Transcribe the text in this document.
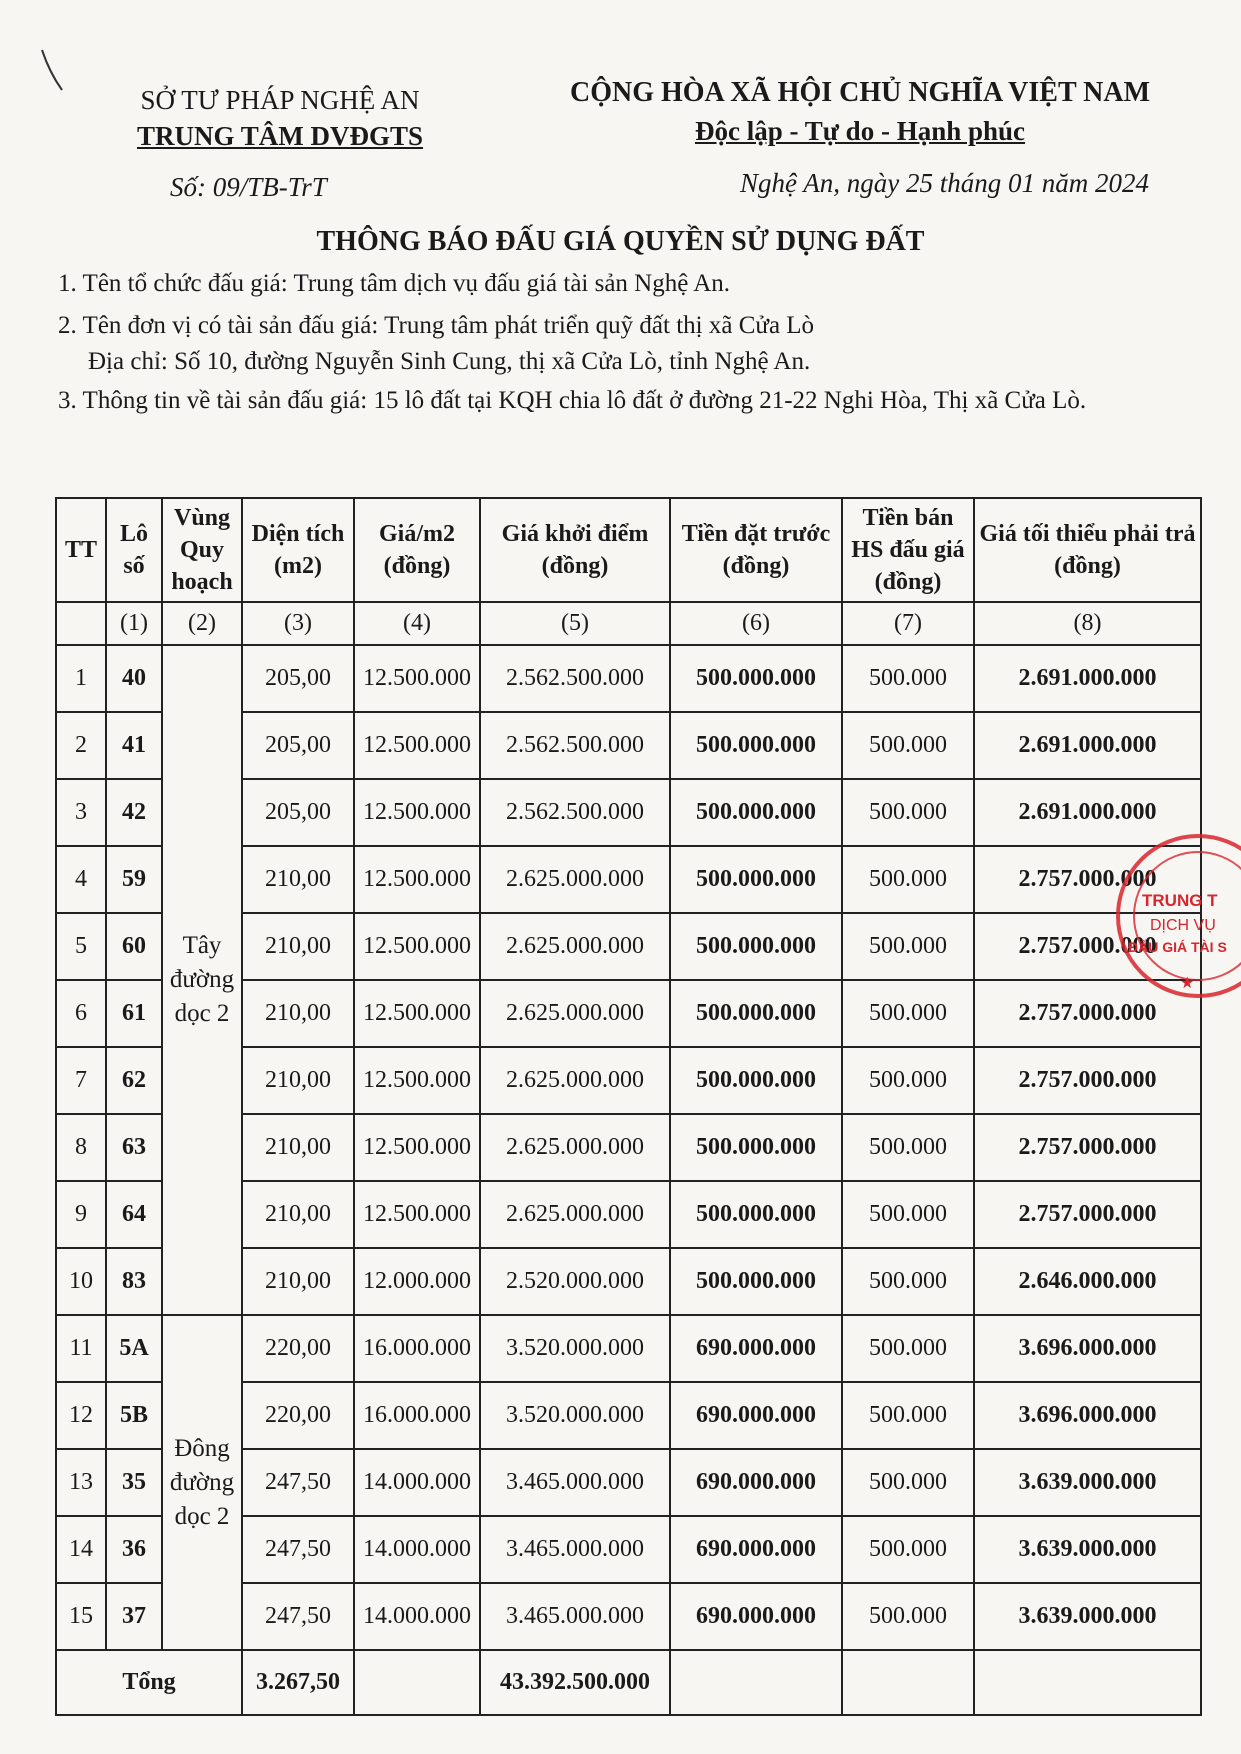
SỞ TƯ PHÁP NGHỆ AN
TRUNG TÂM DVĐGTS
CỘNG HÒA XÃ HỘI CHỦ NGHĨA VIỆT NAM
Độc lập - Tự do - Hạnh phúc
Số: 09/TB-TrT	Nghệ An, ngày 25 tháng 01 năm 2024
THÔNG BÁO ĐẤU GIÁ QUYỀN SỬ DỤNG ĐẤT
1. Tên tổ chức đấu giá: Trung tâm dịch vụ đấu giá tài sản Nghệ An.
2. Tên đơn vị có tài sản đấu giá: Trung tâm phát triển quỹ đất thị xã Cửa Lò
Địa chỉ: Số 10, đường Nguyễn Sinh Cung, thị xã Cửa Lò, tỉnh Nghệ An.
3. Thông tin về tài sản đấu giá: 15 lô đất tại KQH chia lô đất ở đường 21-22 Nghi Hòa, Thị xã Cửa Lò.
TT	Lô số	Vùng Quy hoạch	Diện tích (m2)	Giá/m2 (đồng)	Giá khởi điểm (đồng)	Tiền đặt trước (đồng)	Tiền bán HS đấu giá (đồng)	Giá tối thiểu phải trả (đồng)
	(1)	(2)	(3)	(4)	(5)	(6)	(7)	(8)
1	40	Tây đường dọc 2	205,00	12.500.000	2.562.500.000	500.000.000	500.000	2.691.000.000
2	41		205,00	12.500.000	2.562.500.000	500.000.000	500.000	2.691.000.000
3	42		205,00	12.500.000	2.562.500.000	500.000.000	500.000	2.691.000.000
4	59		210,00	12.500.000	2.625.000.000	500.000.000	500.000	2.757.000.000
5	60		210,00	12.500.000	2.625.000.000	500.000.000	500.000	2.757.000.000
6	61		210,00	12.500.000	2.625.000.000	500.000.000	500.000	2.757.000.000
7	62		210,00	12.500.000	2.625.000.000	500.000.000	500.000	2.757.000.000
8	63		210,00	12.500.000	2.625.000.000	500.000.000	500.000	2.757.000.000
9	64		210,00	12.500.000	2.625.000.000	500.000.000	500.000	2.757.000.000
10	83		210,00	12.000.000	2.520.000.000	500.000.000	500.000	2.646.000.000
11	5A	Đông đường dọc 2	220,00	16.000.000	3.520.000.000	690.000.000	500.000	3.696.000.000
12	5B		220,00	16.000.000	3.520.000.000	690.000.000	500.000	3.696.000.000
13	35		247,50	14.000.000	3.465.000.000	690.000.000	500.000	3.639.000.000
14	36		247,50	14.000.000	3.465.000.000	690.000.000	500.000	3.639.000.000
15	37		247,50	14.000.000	3.465.000.000	690.000.000	500.000	3.639.000.000
Tổng			3.267,50		43.392.500.000			
TRUNG T
DỊCH VỤ
ĐẤU GIÁ TÀI S
★
